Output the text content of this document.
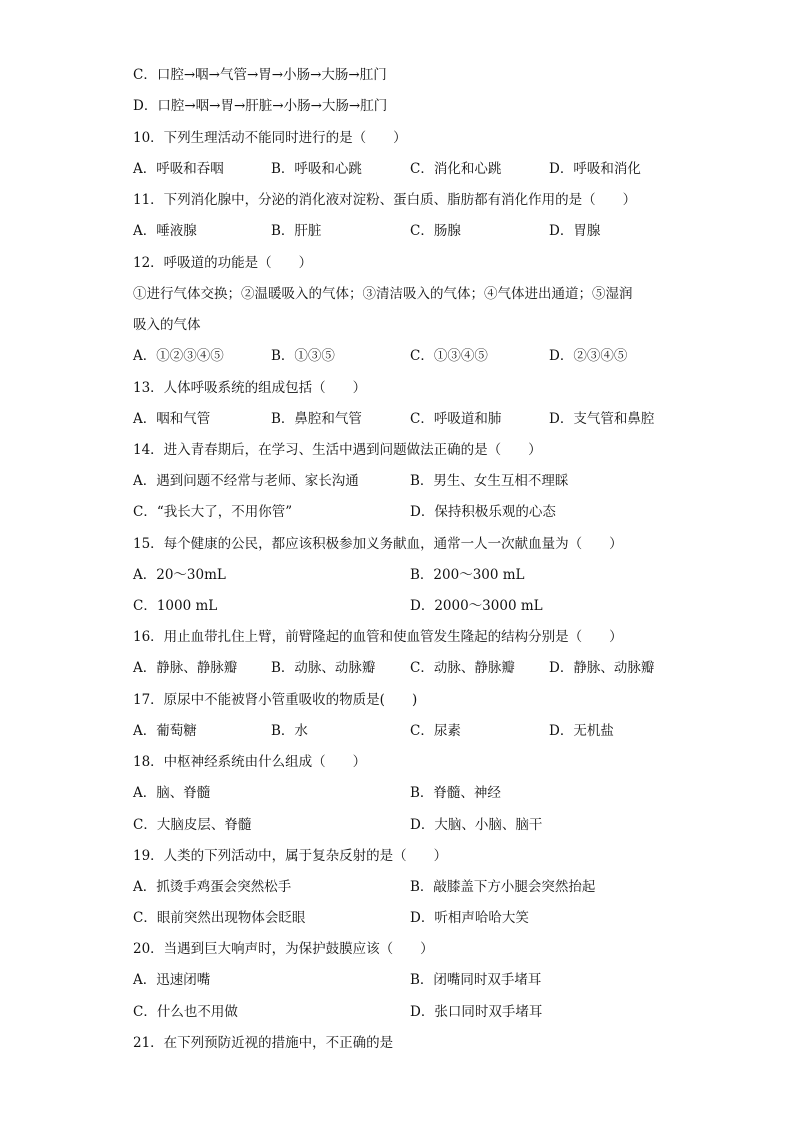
C．口腔→咽→气管→胃→小肠→大肠→肛门
D．口腔→咽→胃→肝脏→小肠→大肠→肛门
10．下列生理活动不能同时进行的是（　　）
A．呼吸和吞咽	B．呼吸和心跳	C．消化和心跳	D．呼吸和消化
11．下列消化腺中，分泌的消化液对淀粉、蛋白质、脂肪都有消化作用的是（　　）
A．唾液腺	B．肝脏	C．肠腺	D．胃腺
12．呼吸道的功能是（　　）
①进行气体交换；②温暖吸入的气体；③清洁吸入的气体；④气体进出通道；⑤湿润
吸入的气体
A．①②③④⑤	B．①③⑤	C．①③④⑤	D．②③④⑤
13．人体呼吸系统的组成包括（　　）
A．咽和气管	B．鼻腔和气管	C．呼吸道和肺	D．支气管和鼻腔
14．进入青春期后，在学习、生活中遇到问题做法正确的是（　　）
A．遇到问题不经常与老师、家长沟通	B．男生、女生互相不理睬
C．“我长大了，不用你管”	D．保持积极乐观的心态
15．每个健康的公民，都应该积极参加义务献血，通常一人一次献血量为（　　）
A．20～30mL	B．200～300 mL
C．1000 mL	D．2000～3000 mL
16．用止血带扎住上臂，前臂隆起的血管和使血管发生隆起的结构分别是（　　）
A．静脉、静脉瓣	B．动脉、动脉瓣	C．动脉、静脉瓣	D．静脉、动脉瓣
17．原尿中不能被肾小管重吸收的物质是(　　)
A．葡萄糖	B．水	C．尿素	D．无机盐
18．中枢神经系统由什么组成（　　）
A．脑、脊髓	B．脊髓、神经
C．大脑皮层、脊髓	D．大脑、小脑、脑干
19．人类的下列活动中，属于复杂反射的是（　　）
A．抓烫手鸡蛋会突然松手	B．敲膝盖下方小腿会突然抬起
C．眼前突然出现物体会眨眼	D．听相声哈哈大笑
20．当遇到巨大响声时，为保护鼓膜应该（　　）
A．迅速闭嘴	B．闭嘴同时双手堵耳
C．什么也不用做	D．张口同时双手堵耳
21．在下列预防近视的措施中，不正确的是
